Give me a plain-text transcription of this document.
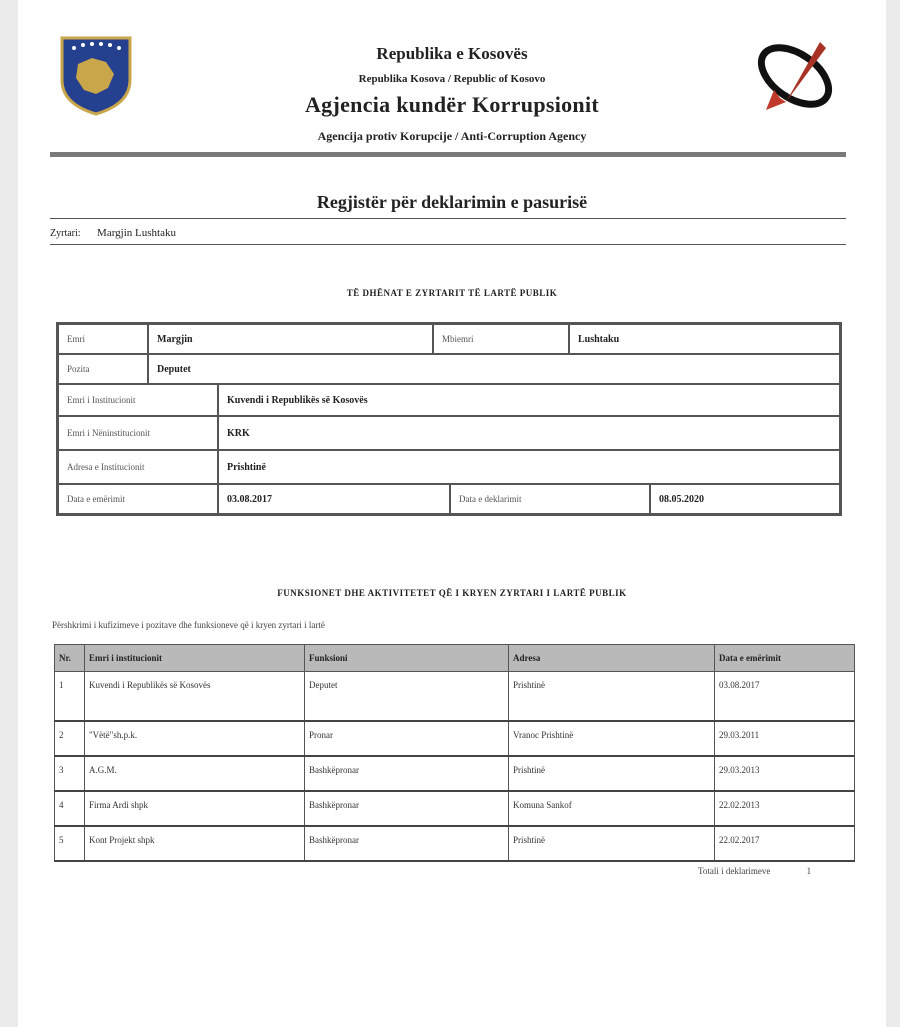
Republika e Kosovës
Republika Kosova / Republic of Kosovo
Agjencia kundër Korrupsionit
Agencija protiv Korupcije / Anti-Corruption Agency
Regjistër për deklarimin e pasurisë
Zyrtari: Margjin Lushtaku
TË DHËNAT E ZYRTARIT TË LARTË PUBLIK
Emri	Margjin	Mbiemri	Lushtaku
Pozita	Deputet
Emri i Institucionit	Kuvendi i Republikës së Kosovës
Emri i Nëninstitucionit	KRK
Adresa e Institucionit	Prishtinë
Data e emërimit	03.08.2017	Data e deklarimit	08.05.2020
FUNKSIONET DHE AKTIVITETET QË I KRYEN ZYRTARI I LARTË PUBLIK
Përshkrimi i kufizimeve i pozitave dhe funksioneve që i kryen zyrtari i lartë
Nr.	Emri i institucionit	Funksioni	Adresa	Data e emërimit
1	Kuvendi i Republikës së Kosovës	Deputet	Prishtinë	03.08.2017
2	"Vëtë"sh.p.k.	Pronar	Vranoc Prishtinë	29.03.2011
3	A.G.M.	Bashkëpronar	Prishtinë	29.03.2013
4	Firma Ardi shpk	Bashkëpronar	Komuna Sankof	22.02.2013
5	Kont Projekt shpk	Bashkëpronar	Prishtinë	22.02.2017
Totali i deklarimeve	1
